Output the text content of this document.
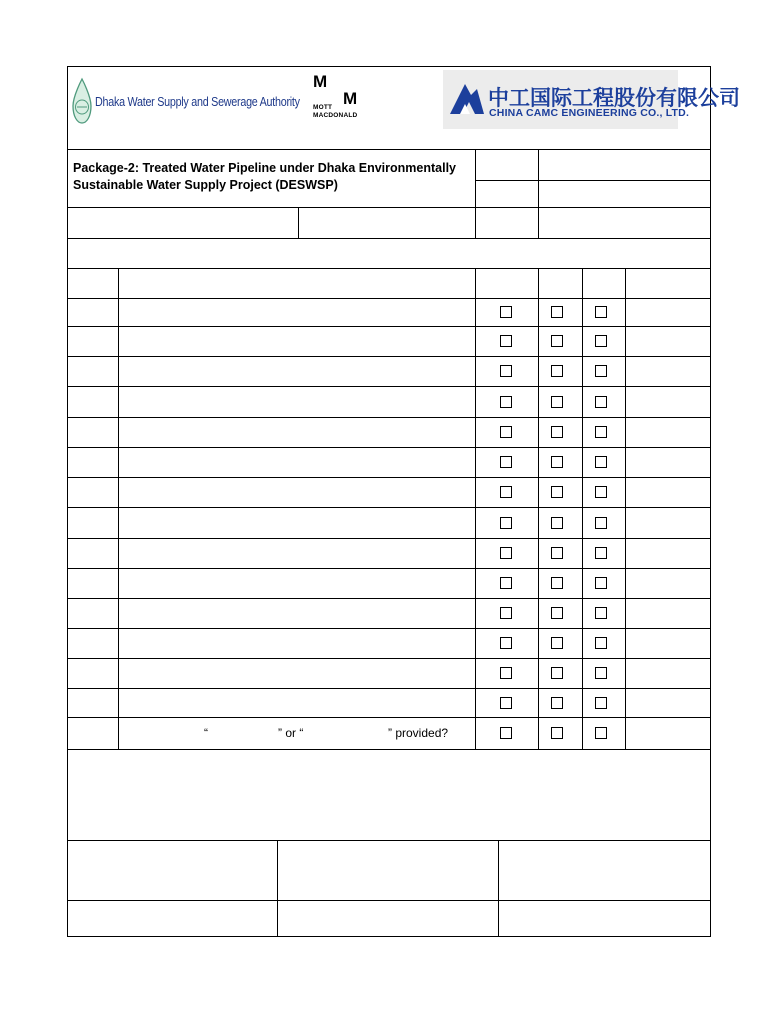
Dhaka Water Supply and Sewerage Authority
M
M
MOTT
MACDONALD
中工国际工程股份有限公司
CHINA CAMC ENGINEERING CO., LTD.
Package-2: Treated Water Pipeline under Dhaka Environmentally
Sustainable Water Supply Project (DESWSP)
“	” or “	” provided?
